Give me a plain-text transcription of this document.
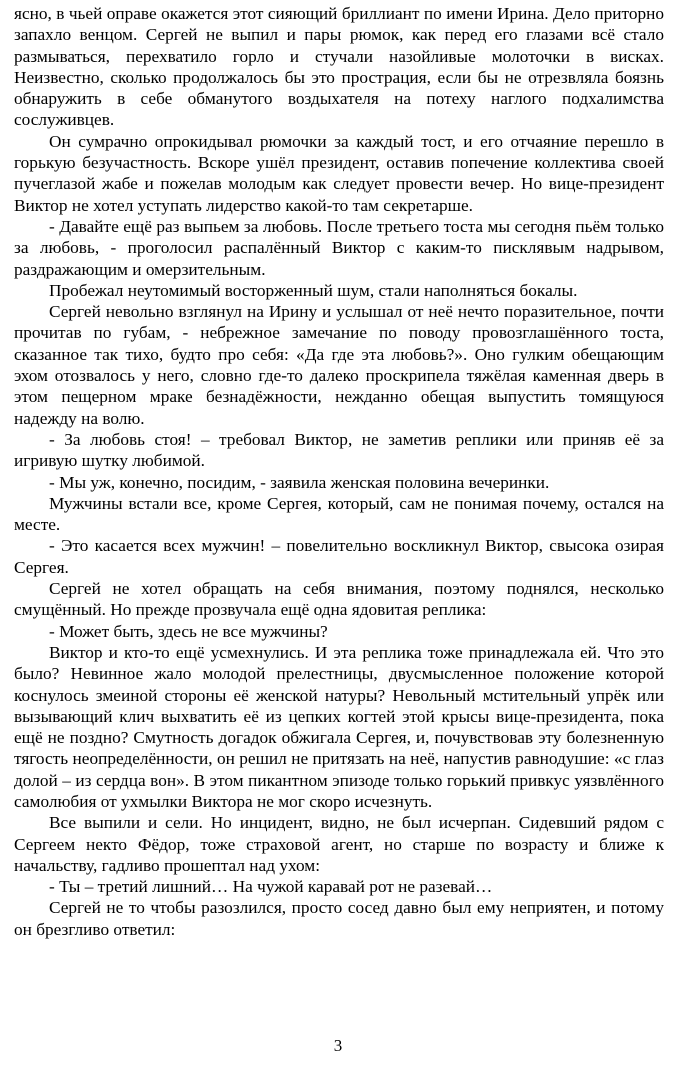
ясно, в чьей оправе окажется этот сияющий бриллиант по имени Ирина. Дело приторно запахло венцом. Сергей не выпил и пары рюмок, как перед его глазами всё стало размываться, перехватило горло и стучали назойливые молоточки в висках. Неизвестно, сколько продолжалось бы это прострация, если бы не отрезвляла боязнь обнаружить в себе обманутого воздыхателя на потеху наглого подхалимства сослуживцев.

Он сумрачно опрокидывал рюмочки за каждый тост, и его отчаяние перешло в горькую безучастность. Вскоре ушёл президент, оставив попечение коллектива своей пучеглазой жабе и пожелав молодым как следует провести вечер. Но вице-президент Виктор не хотел уступать лидерство какой-то там секретарше.

- Давайте ещё раз выпьем за любовь. После третьего тоста мы сегодня пьём только за любовь, - проголосил распалённый Виктор с каким-то писклявым надрывом, раздражающим и омерзительным.

Пробежал неутомимый восторженный шум, стали наполняться бокалы.

Сергей невольно взглянул на Ирину и услышал от неё нечто поразительное, почти прочитав по губам, - небрежное замечание по поводу провозглашённого тоста, сказанное так тихо, будто про себя: «Да где эта любовь?». Оно гулким обещающим эхом отозвалось у него, словно где-то далеко проскрипела тяжёлая каменная дверь в этом пещерном мраке безнадёжности, нежданно обещая выпустить томящуюся надежду на волю.

- За любовь стоя! – требовал Виктор, не заметив реплики или приняв её за игривую шутку любимой.

- Мы уж, конечно, посидим, - заявила женская половина вечеринки.

Мужчины встали все, кроме Сергея, который, сам не понимая почему, остался на месте.

- Это касается всех мужчин! – повелительно воскликнул Виктор, свысока озирая Сергея.

Сергей не хотел обращать на себя внимания, поэтому поднялся, несколько смущённый. Но прежде прозвучала ещё одна ядовитая реплика:

- Может быть, здесь не все мужчины?

Виктор и кто-то ещё усмехнулись. И эта реплика тоже принадлежала ей. Что это было? Невинное жало молодой прелестницы, двусмысленное положение которой коснулось змеиной стороны её женской натуры? Невольный мстительный упрёк или вызывающий клич выхватить её из цепких когтей этой крысы вице-президента, пока ещё не поздно? Смутность догадок обжигала Сергея, и, почувствовав эту болезненную тягость неопределённости, он решил не притязать на неё, напустив равнодушие: «с глаз долой – из сердца вон». В этом пикантном эпизоде только горький привкус уязвлённого самолюбия от ухмылки Виктора не мог скоро исчезнуть.

Все выпили и сели. Но инцидент, видно, не был исчерпан. Сидевший рядом с Сергеем некто Фёдор, тоже страховой агент, но старше по возрасту и ближе к начальству, гадливо прошептал над ухом:

- Ты – третий лишний… На чужой каравай рот не разевай…

Сергей не то чтобы разозлился, просто сосед давно был ему неприятен, и потому он брезгливо ответил:

3
